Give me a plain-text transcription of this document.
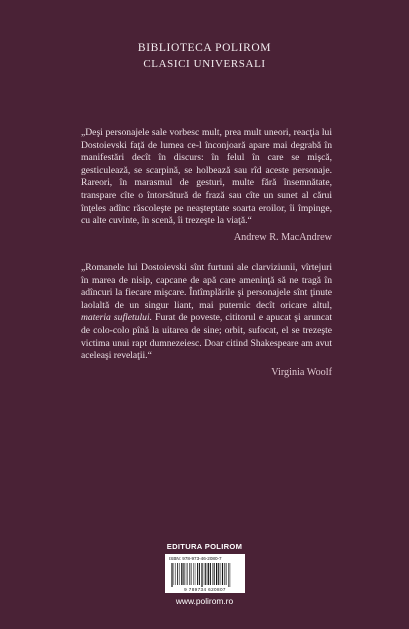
BIBLIOTECA POLIROM
CLASICI UNIVERSALI

„Deşi personajele sale vorbesc mult, prea mult uneori, reacţia lui Dostoievski faţă de lumea ce-l înconjoară apare mai degrabă în manifestări decît în discurs: în felul în care se mişcă, gesticulează, se scarpină, se holbează sau rîd aceste personaje. Rareori, în marasmul de gesturi, multe fără însemnătate, transpare cîte o întorsătură de frază sau cîte un sunet al cărui înţeles adînc răscoleşte pe neaşteptate soarta eroilor, îi împinge, cu alte cuvinte, în scenă, îi trezeşte la viaţă.“

Andrew R. MacAndrew

„Romanele lui Dostoievski sînt furtuni ale clarviziunii, vîrtejuri în marea de nisip, capcane de apă care ameninţă să ne tragă în adîncuri la fiecare mişcare. Întîmplările şi personajele sînt ţinute laolaltă de un singur liant, mai puternic decît oricare altul, materia sufletului. Furat de poveste, cititorul e apucat şi aruncat de colo-colo pînă la uitarea de sine; orbit, sufocat, el se trezeşte victima unui rapt dumnezeiesc. Doar citind Shakespeare am avut aceleaşi revelaţii.“

Virginia Woolf
EDITURA POLIROM
ISBN: 978-973-46-2080-7
9 789734 620807
www.polirom.ro
